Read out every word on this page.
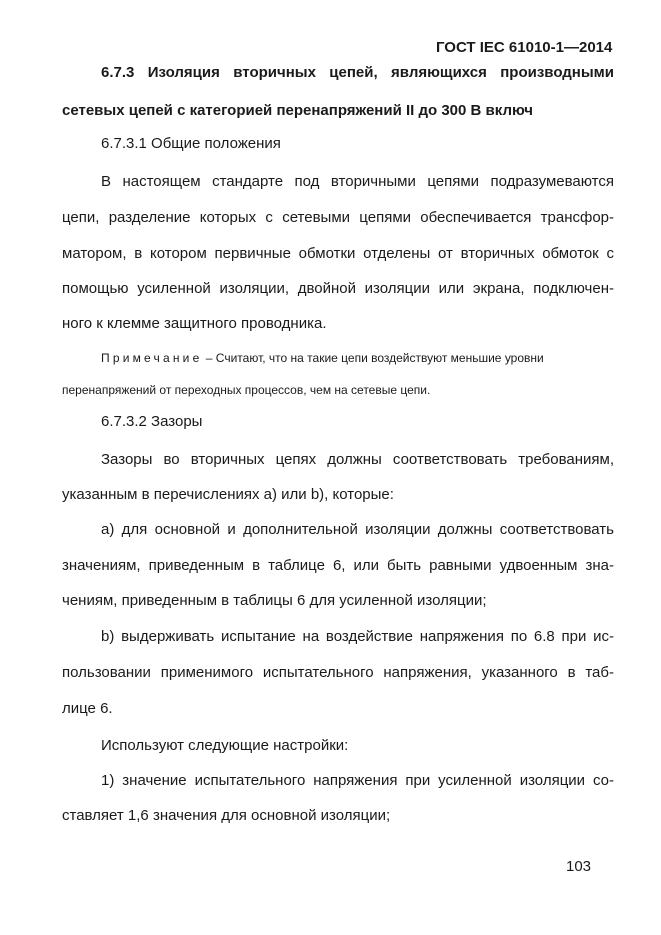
ГОСТ IEC 61010-1—2014
6.7.3 Изоляция вторичных цепей, являющихся производными
сетевых цепей с категорией перенапряжений II до 300 В включ
6.7.3.1 Общие положения
В настоящем стандарте под вторичными цепями подразумеваются
цепи, разделение которых с сетевыми цепями обеспечивается трансфор-
матором, в котором первичные обмотки отделены от вторичных обмоток с
помощью усиленной изоляции, двойной изоляции или экрана, подключен-
ного к клемме защитного проводника.
Примечание – Считают, что на такие цепи воздействуют меньшие уровни
перенапряжений от переходных процессов, чем на сетевые цепи.
6.7.3.2 Зазоры
Зазоры во вторичных цепях должны соответствовать требованиям,
указанным в перечислениях a) или b), которые:
a) для основной и дополнительной изоляции должны соответствовать
значениям, приведенным в таблице 6, или быть равными удвоенным зна-
чениям, приведенным в таблицы 6 для усиленной изоляции;
b) выдерживать испытание на воздействие напряжения по 6.8 при ис-
пользовании применимого испытательного напряжения, указанного в таб-
лице 6.
Используют следующие настройки:
1) значение испытательного напряжения при усиленной изоляции со-
ставляет 1,6 значения для основной изоляции;
103
